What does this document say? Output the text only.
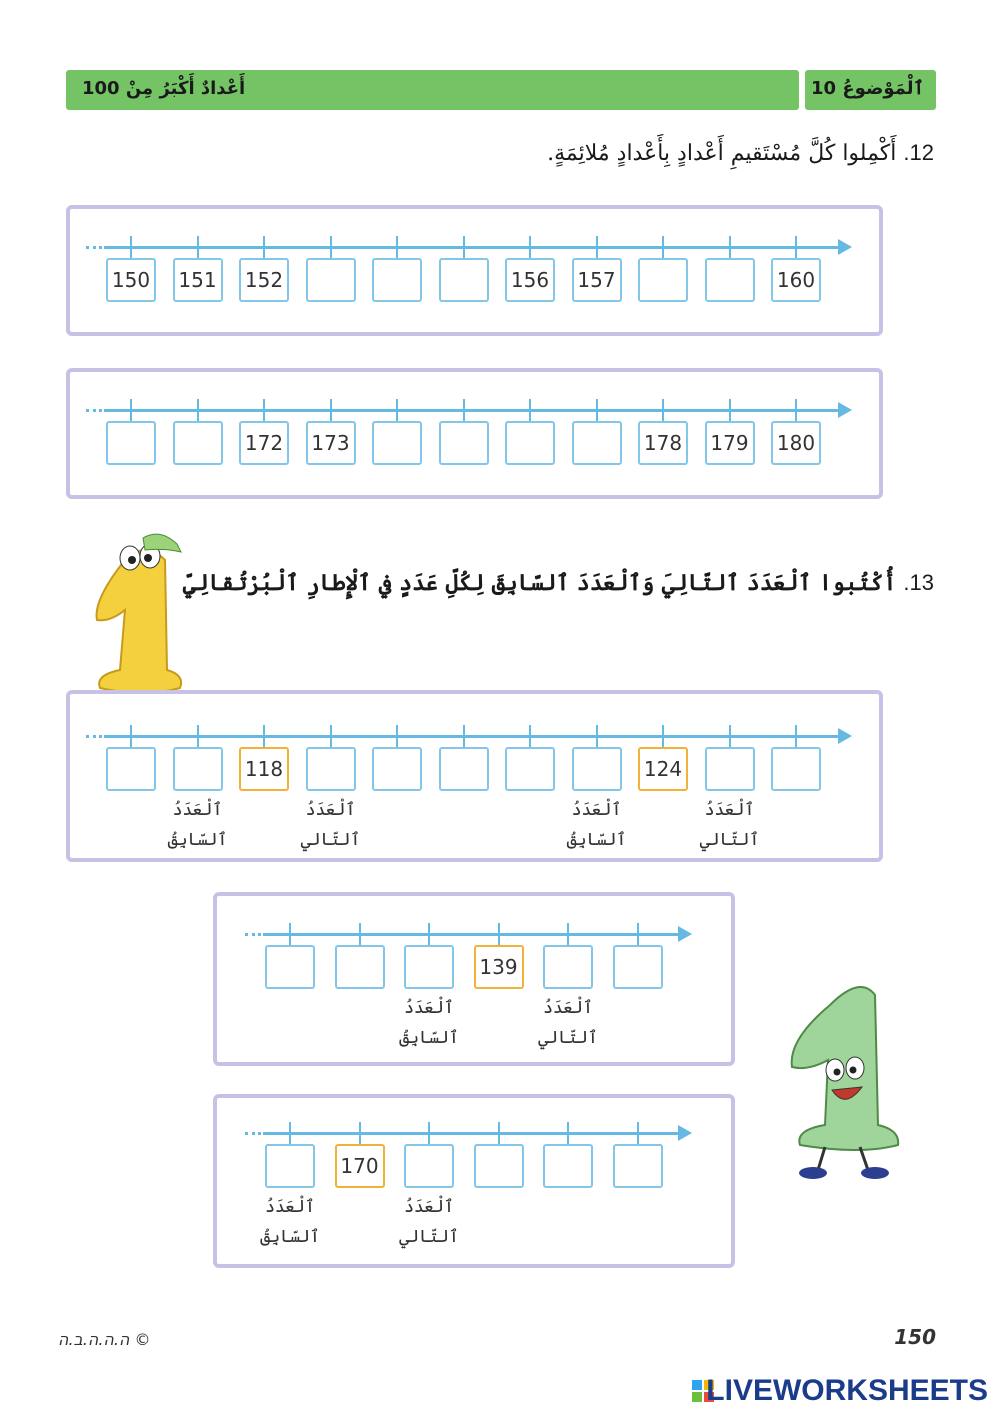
أَعْدادٌ أَكْبَرُ مِنْ 100	ٱلْمَوْضوعُ 10
12. أَكْمِلوا كُلَّ مُسْتَقيمِ أَعْدادٍ بِأَعْدادٍ مُلائِمَةٍ.
150 151 152	156 157	160
172 173	178 179 180
13. أُكْتُبوا ٱلْعَدَدَ ٱلتّالِيَ وَٱلْعَدَدَ ٱلسّابِقَ لِكُلِّ عَدَدٍ في ٱلْإِطارِ ٱلْبُرْتُقالِيِّ
118	124
ٱلْعَدَدُ
ٱلسّابِقُ
ٱلْعَدَدُ
ٱلتّالي
ٱلْعَدَدُ
ٱلسّابِقُ
ٱلْعَدَدُ
ٱلتّالي
139
ٱلْعَدَدُ
ٱلسّابِقُ
ٱلْعَدَدُ
ٱلتّالي
170
ٱلْعَدَدُ
ٱلسّابِقُ
ٱلْعَدَدُ
ٱلتّالي
ה.ה.ה.ב.ה ©	150
LIVEWORKSHEETS
